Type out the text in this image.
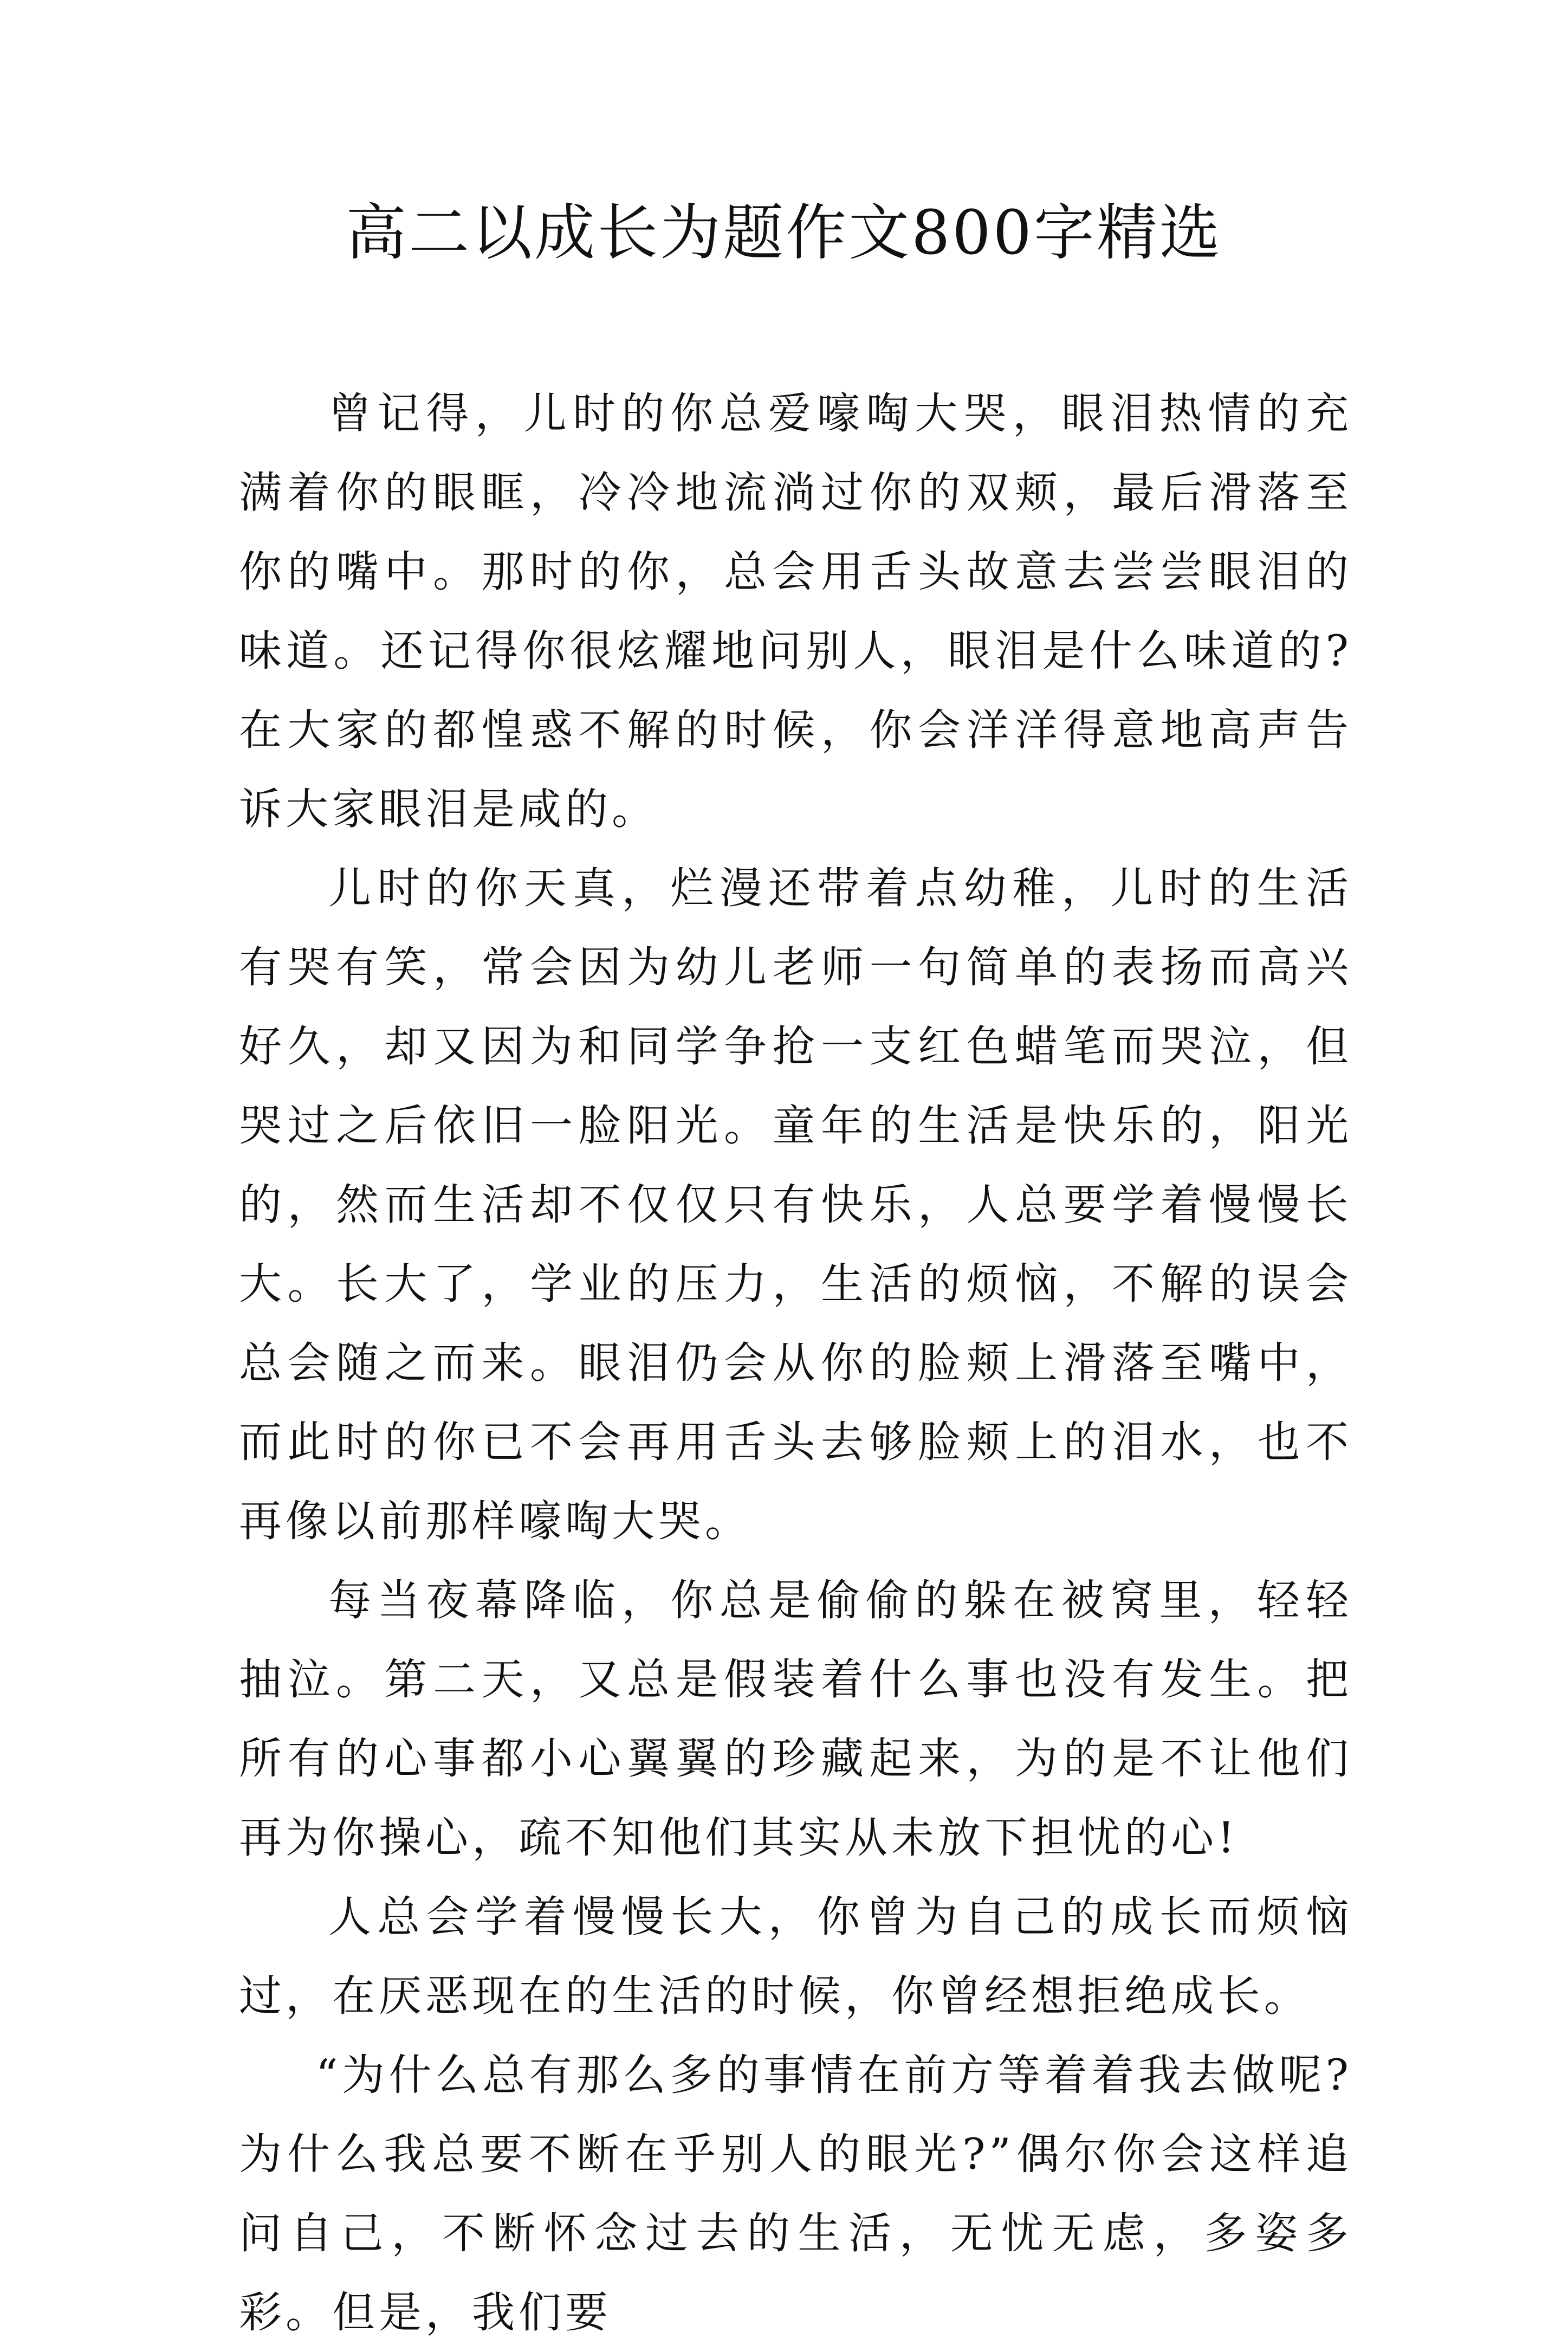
高二以成长为题作文800字精选

曾记得，儿时的你总爱嚎啕大哭，眼泪热情的充满着你的眼眶，冷冷地流淌过你的双颊，最后滑落至你的嘴中。那时的你，总会用舌头故意去尝尝眼泪的味道。还记得你很炫耀地问别人，眼泪是什么味道的?在大家的都惶惑不解的时候，你会洋洋得意地高声告诉大家眼泪是咸的。

儿时的你天真，烂漫还带着点幼稚，儿时的生活有哭有笑，常会因为幼儿老师一句简单的表扬而高兴好久，却又因为和同学争抢一支红色蜡笔而哭泣，但哭过之后依旧一脸阳光。童年的生活是快乐的，阳光的，然而生活却不仅仅只有快乐，人总要学着慢慢长大。长大了，学业的压力，生活的烦恼，不解的误会总会随之而来。眼泪仍会从你的脸颊上滑落至嘴中，而此时的你已不会再用舌头去够脸颊上的泪水，也不再像以前那样嚎啕大哭。

每当夜幕降临，你总是偷偷的躲在被窝里，轻轻抽泣。第二天，又总是假装着什么事也没有发生。把所有的心事都小心翼翼的珍藏起来，为的是不让他们再为你操心，疏不知他们其实从未放下担忧的心!

人总会学着慢慢长大，你曾为自己的成长而烦恼过，在厌恶现在的生活的时候，你曾经想拒绝成长。

“为什么总有那么多的事情在前方等着着我去做呢?为什么我总要不断在乎别人的眼光?”偶尔你会这样追问自己，不断怀念过去的生活，无忧无虑，多姿多彩。但是，我们要
